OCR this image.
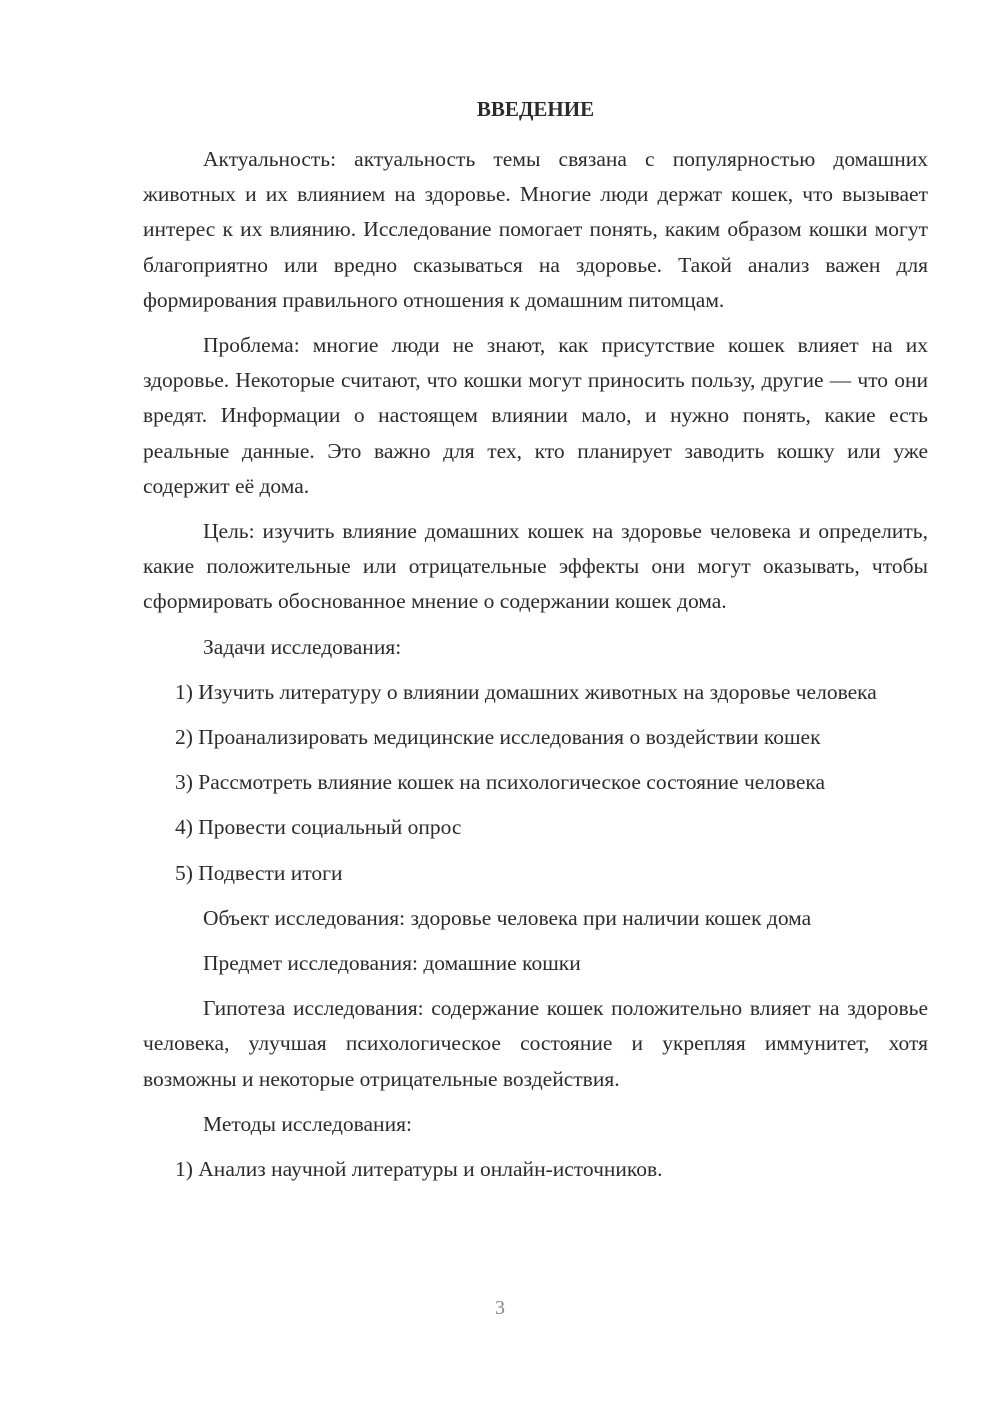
ВВЕДЕНИЕ

Актуальность: актуальность темы связана с популярностью домашних животных и их влиянием на здоровье. Многие люди держат кошек, что вызывает интерес к их влиянию. Исследование помогает понять, каким образом кошки могут благоприятно или вредно сказываться на здоровье. Такой анализ важен для формирования правильного отношения к домашним питомцам.

Проблема: многие люди не знают, как присутствие кошек влияет на их здоровье. Некоторые считают, что кошки могут приносить пользу, другие — что они вредят. Информации о настоящем влиянии мало, и нужно понять, какие есть реальные данные. Это важно для тех, кто планирует заводить кошку или уже содержит её дома.

Цель: изучить влияние домашних кошек на здоровье человека и определить, какие положительные или отрицательные эффекты они могут оказывать, чтобы сформировать обоснованное мнение о содержании кошек дома.

Задачи исследования:

1) Изучить литературу о влиянии домашних животных на здоровье человека

2) Проанализировать медицинские исследования о воздействии кошек

3) Рассмотреть влияние кошек на психологическое состояние человека

4) Провести социальный опрос

5) Подвести итоги

Объект исследования: здоровье человека при наличии кошек дома

Предмет исследования: домашние кошки

Гипотеза исследования: содержание кошек положительно влияет на здоровье человека, улучшая психологическое состояние и укрепляя иммунитет, хотя возможны и некоторые отрицательные воздействия.

Методы исследования:

1) Анализ научной литературы и онлайн-источников.

3
